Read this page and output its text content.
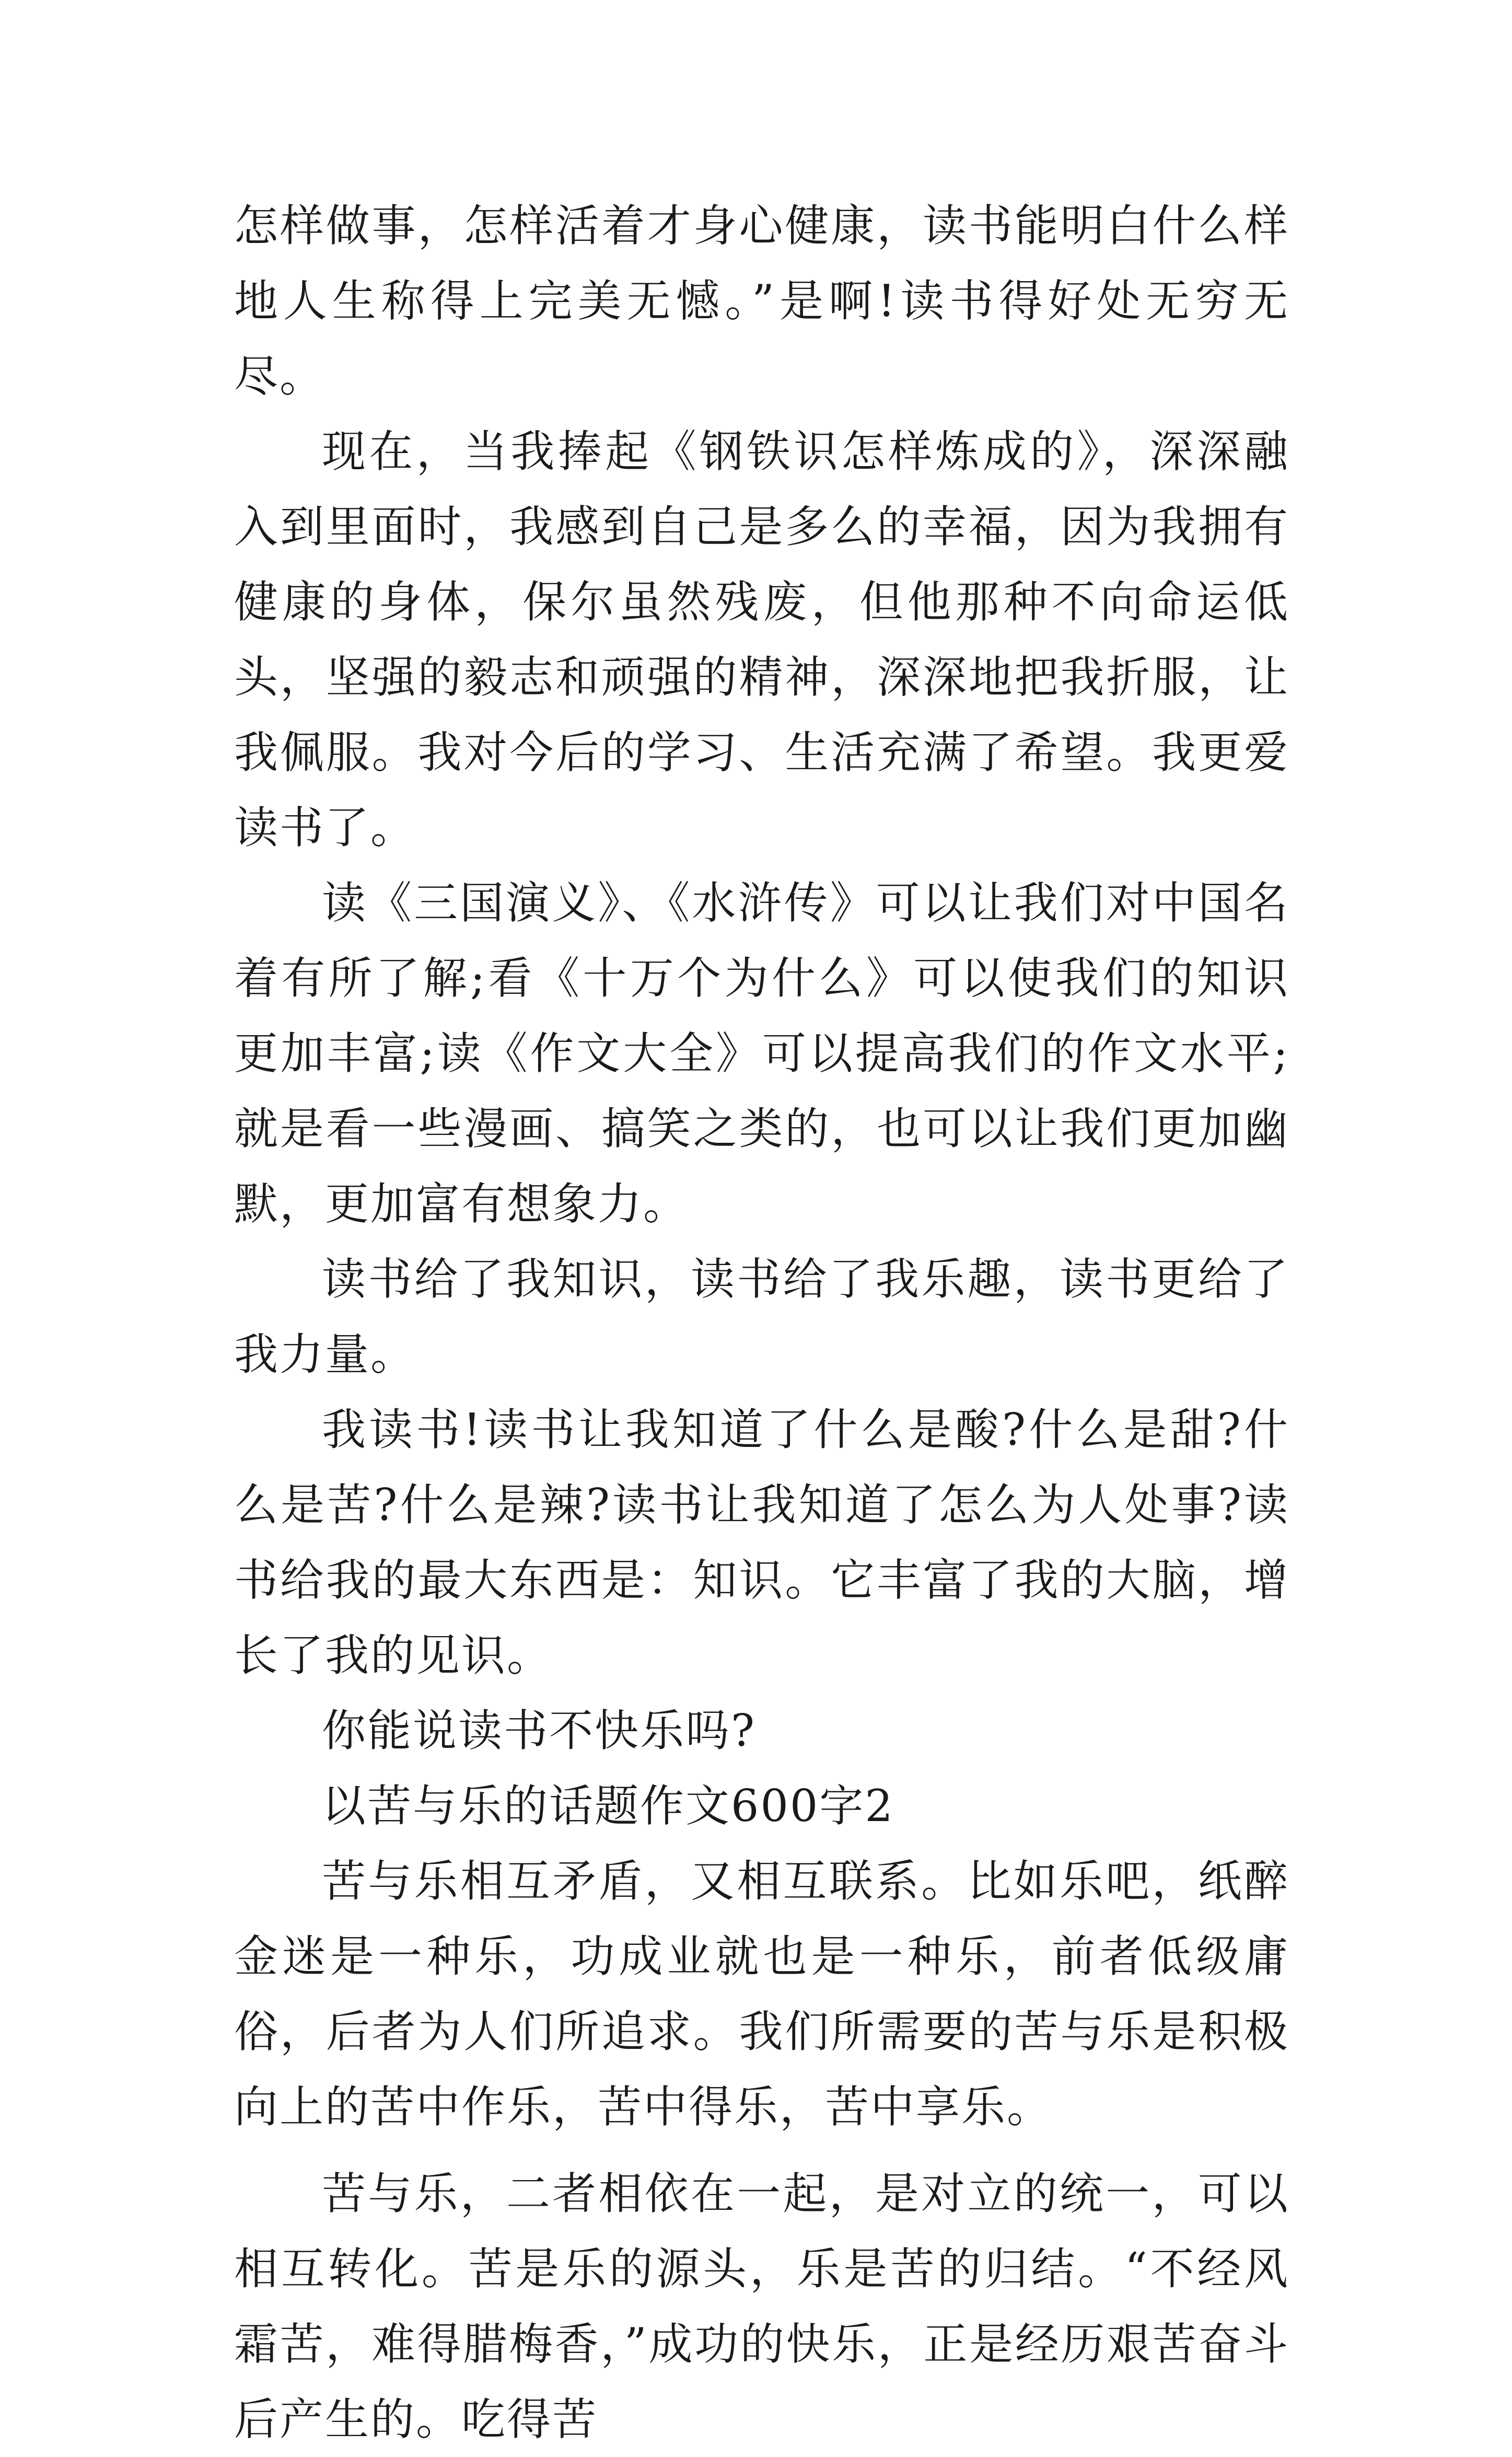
怎样做事，怎样活着才身心健康，读书能明白什么样地人生称得上完美无憾。”是啊!读书得好处无穷无尽。

现在，当我捧起《钢铁识怎样炼成的》，深深融入到里面时，我感到自己是多么的幸福，因为我拥有健康的身体，保尔虽然残废，但他那种不向命运低头，坚强的毅志和顽强的精神，深深地把我折服，让我佩服。我对今后的学习、生活充满了希望。我更爱读书了。

读《三国演义》、《水浒传》可以让我们对中国名着有所了解;看《十万个为什么》可以使我们的知识更加丰富;读《作文大全》可以提高我们的作文水平;就是看一些漫画、搞笑之类的，也可以让我们更加幽默，更加富有想象力。

读书给了我知识，读书给了我乐趣，读书更给了我力量。

我读书!读书让我知道了什么是酸?什么是甜?什么是苦?什么是辣?读书让我知道了怎么为人处事?读书给我的最大东西是：知识。它丰富了我的大脑，增长了我的见识。

你能说读书不快乐吗?

以苦与乐的话题作文600字2

苦与乐相互矛盾，又相互联系。比如乐吧，纸醉金迷是一种乐，功成业就也是一种乐，前者低级庸俗，后者为人们所追求。我们所需要的苦与乐是积极向上的苦中作乐，苦中得乐，苦中享乐。

苦与乐，二者相依在一起，是对立的统一，可以相互转化。苦是乐的源头，乐是苦的归结。“不经风霜苦，难得腊梅香，”成功的快乐，正是经历艰苦奋斗后产生的。吃得苦
